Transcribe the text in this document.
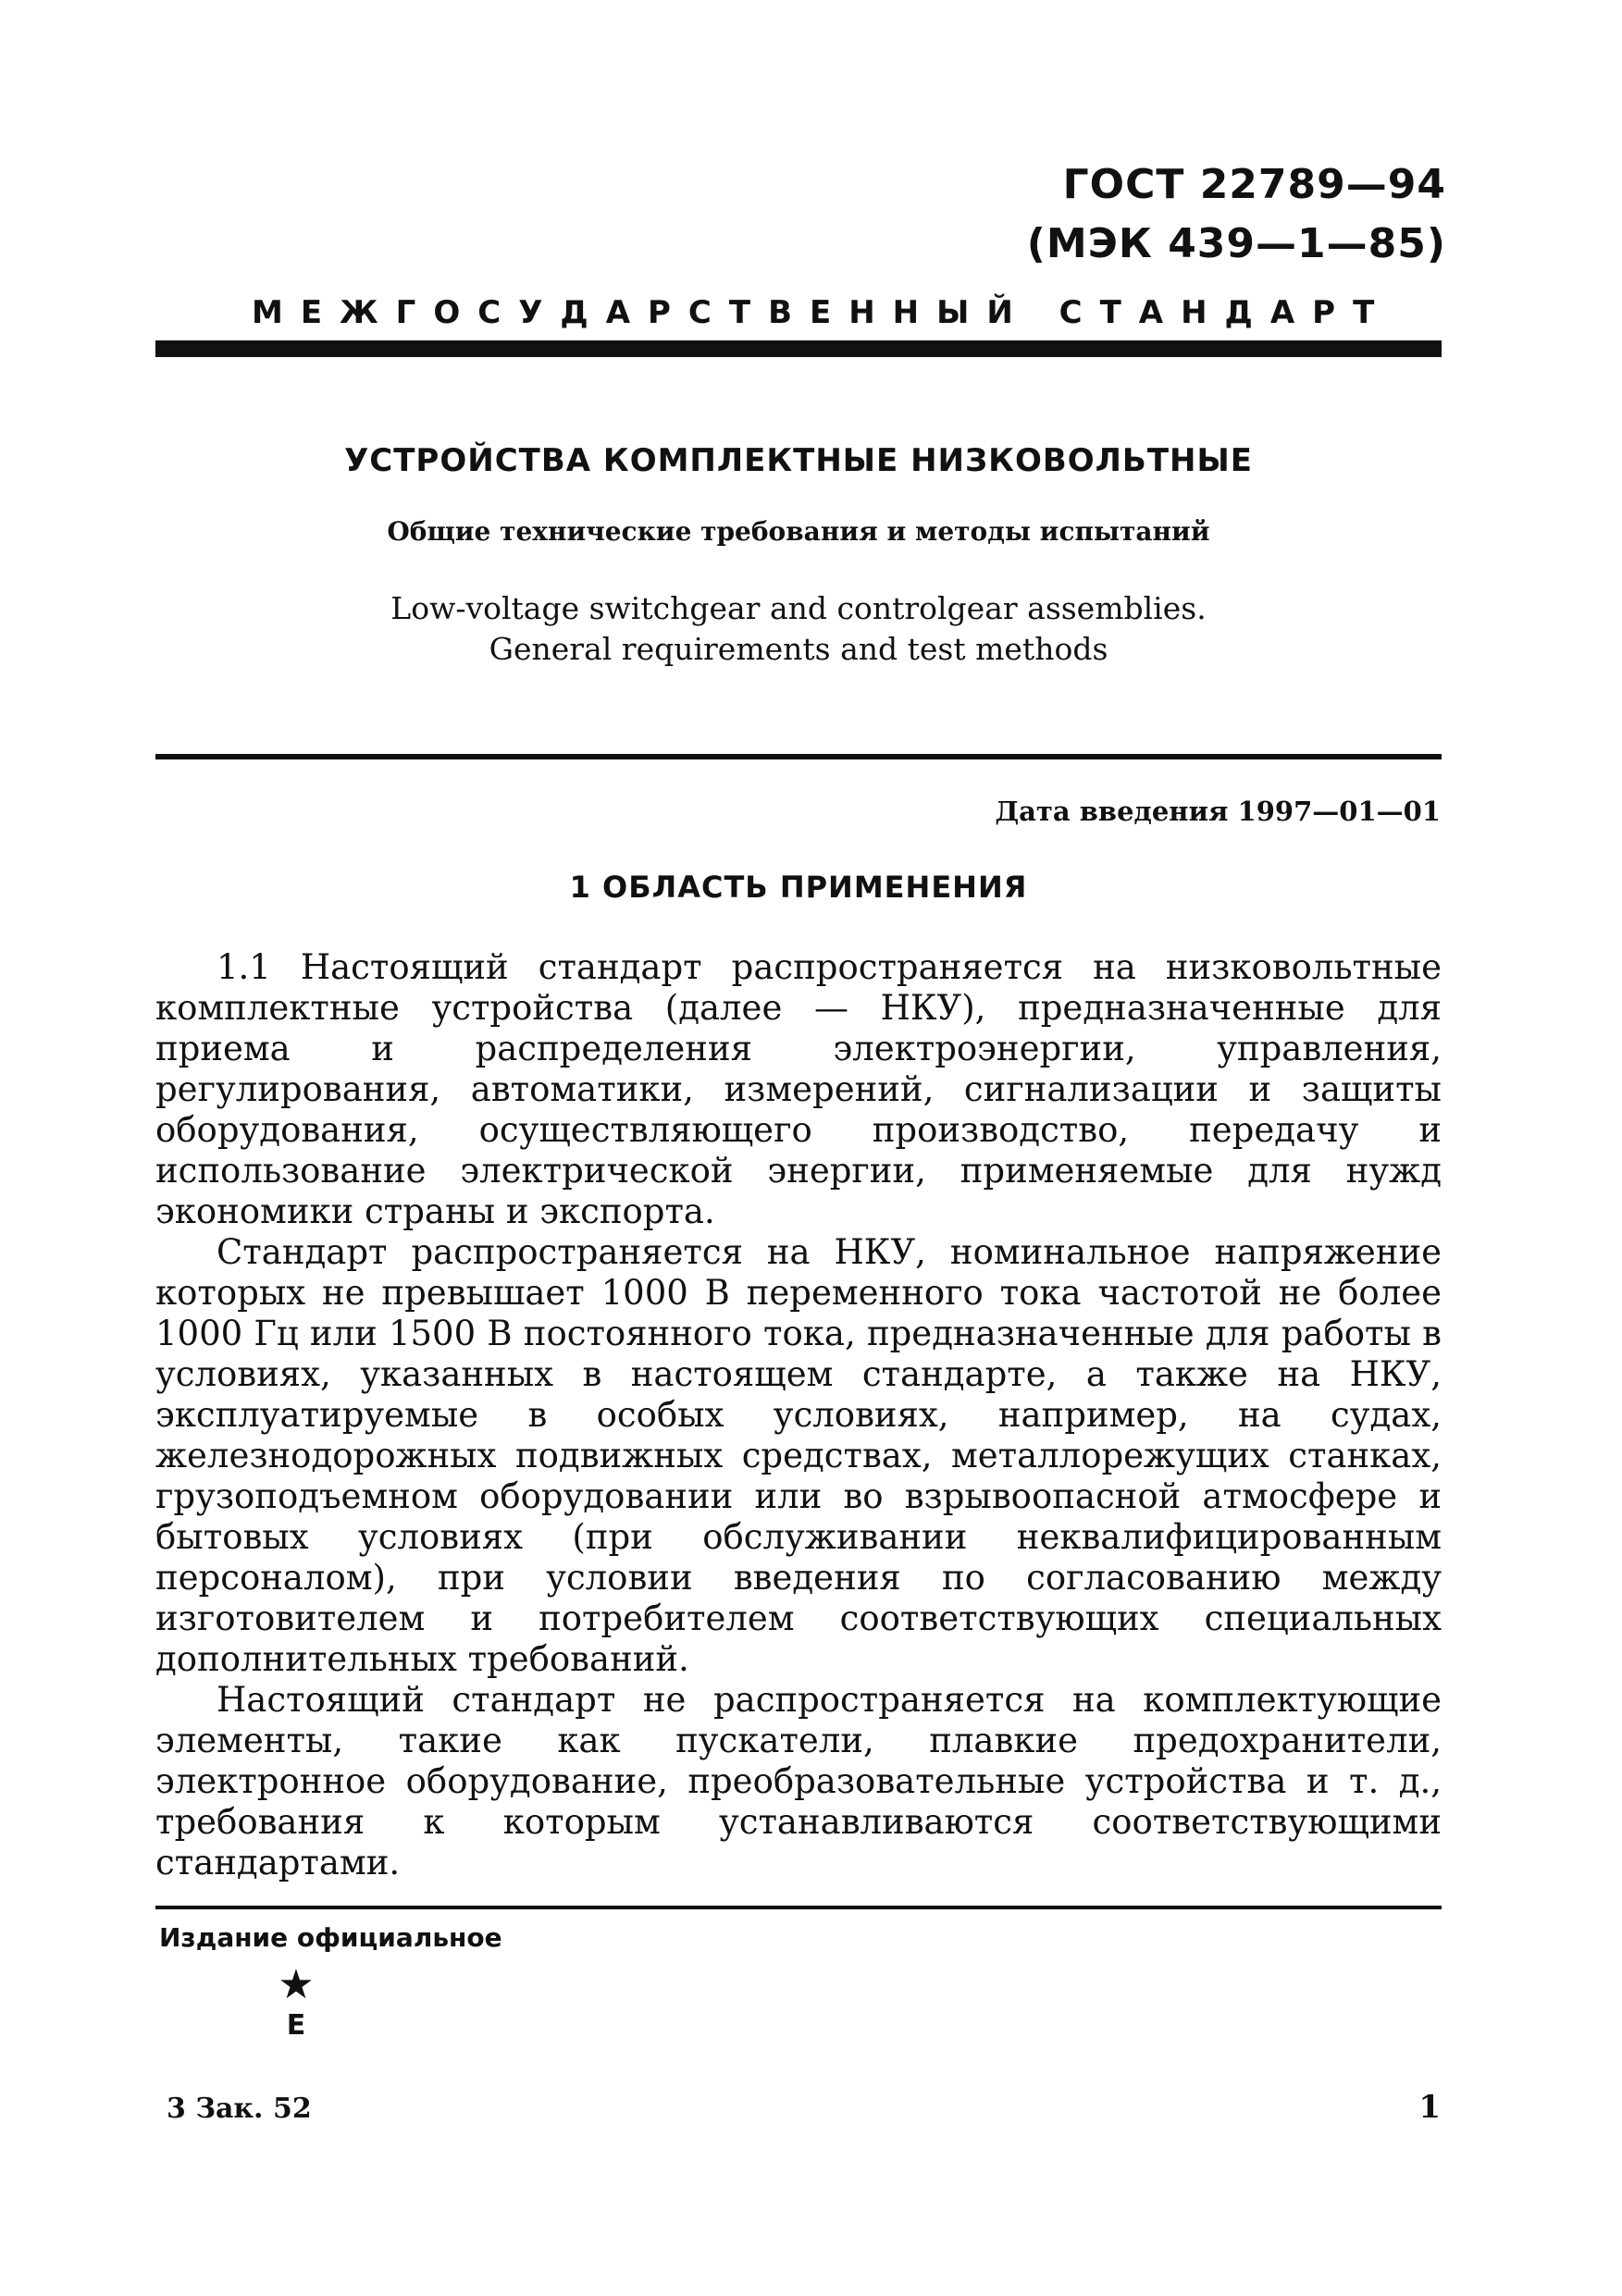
ГОСТ 22789—94
(МЭК 439—1—85)
МЕЖГОСУДАРСТВЕННЫЙ СТАНДАРТ
УСТРОЙСТВА КОМПЛЕКТНЫЕ НИЗКОВОЛЬТНЫЕ
Общие технические требования и методы испытаний
Low-voltage switchgear and controlgear assemblies.
General requirements and test methods
Дата введения 1997—01—01
1 ОБЛАСТЬ ПРИМЕНЕНИЯ

1.1 Настоящий стандарт распространяется на низковольтные комплектные устройства (далее — НКУ), предназначенные для приема и распределения электроэнергии, управления, регулирования, автоматики, измерений, сигнализации и защиты оборудования, осуществляющего производство, передачу и использование электрической энергии, применяемые для нужд экономики страны и экспорта.

Стандарт распространяется на НКУ, номинальное напряжение которых не превышает 1000 В переменного тока частотой не более 1000 Гц или 1500 В постоянного тока, предназначенные для работы в условиях, указанных в настоящем стандарте, а также на НКУ, эксплуатируемые в особых условиях, например, на судах, железнодорожных подвижных средствах, металлорежущих станках, грузоподъемном оборудовании или во взрывоопасной атмосфере и бытовых условиях (при обслуживании неквалифицированным персоналом), при условии введения по согласованию между изготовителем и потребителем соответствующих специальных дополнительных требований.

Настоящий стандарт не распространяется на комплектующие элементы, такие как пускатели, плавкие предохранители, электронное оборудование, преобразовательные устройства и т. д., требования к которым устанавливаются соответствующими стандартами.

Издание официальное
★
Е
3 Зак. 52	1
